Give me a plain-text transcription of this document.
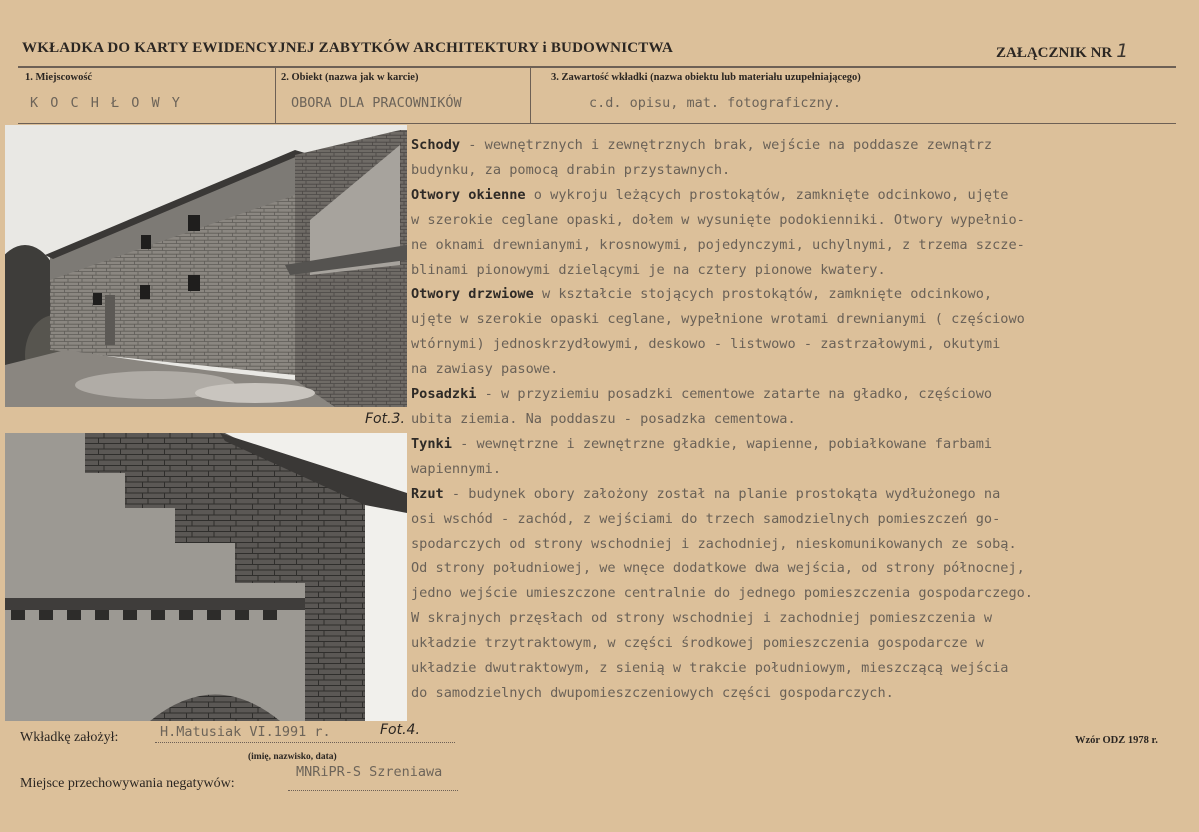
WKŁADKA DO KARTY EWIDENCYJNEJ ZABYTKÓW ARCHITEKTURY i BUDOWNICTWA	ZAŁĄCZNIK NR 1
1. Miejscowość
K O C H Ł O W Y
2. Obiekt (nazwa jak w karcie)
OBORA DLA PRACOWNIKÓW
3. Zawartość wkładki (nazwa obiektu lub materiału uzupełniającego)
c.d. opisu, mat. fotograficzny.
Fot.3.
Schody - wewnętrznych i zewnętrznych brak, wejście na poddasze zewnątrz
budynku, za pomocą drabin przystawnych.
Otwory okienne o wykroju leżących prostokątów, zamknięte odcinkowo, ujęte
w szerokie ceglane opaski, dołem w wysunięte podokienniki. Otwory wypełnio-
ne oknami drewnianymi, krosnowymi, pojedynczymi, uchylnymi, z trzema szcze-
blinami pionowymi dzielącymi je na cztery pionowe kwatery.
Otwory drzwiowe w kształcie stojących prostokątów, zamknięte odcinkowo,
ujęte w szerokie opaski ceglane, wypełnione wrotami drewnianymi ( częściowo
wtórnymi) jednoskrzydłowymi, deskowo - listwowo - zastrzałowymi, okutymi
na zawiasy pasowe.
Posadzki - w przyziemiu posadzki cementowe zatarte na gładko, częściowo
ubita ziemia. Na poddaszu - posadzka cementowa.
Tynki - wewnętrzne i zewnętrzne gładkie, wapienne, pobiałkowane farbami
wapiennymi.
Rzut - budynek obory założony został na planie prostokąta wydłużonego na
osi wschód - zachód, z wejściami do trzech samodzielnych pomieszczeń go-
spodarczych od strony wschodniej i zachodniej, nieskomunikowanych ze sobą.
Od strony południowej, we wnęce dodatkowe dwa wejścia, od strony północnej,
jedno wejście umieszczone centralnie do jednego pomieszczenia gospodarczego.
W skrajnych przęsłach od strony wschodniej i zachodniej pomieszczenia w
układzie trzytraktowym, w części środkowej pomieszczenia gospodarcze w
układzie dwutraktowym, z sienią w trakcie południowym, mieszczącą wejścia
do samodzielnych dwupomieszczeniowych części gospodarczych.
Wkładkę założył:	H.Matusiak VI.1991 r.	Fot.4.
(imię, nazwisko, data)
Miejsce przechowywania negatywów:
MNRiPR-S Szreniawa
Wzór ODZ 1978 r.
